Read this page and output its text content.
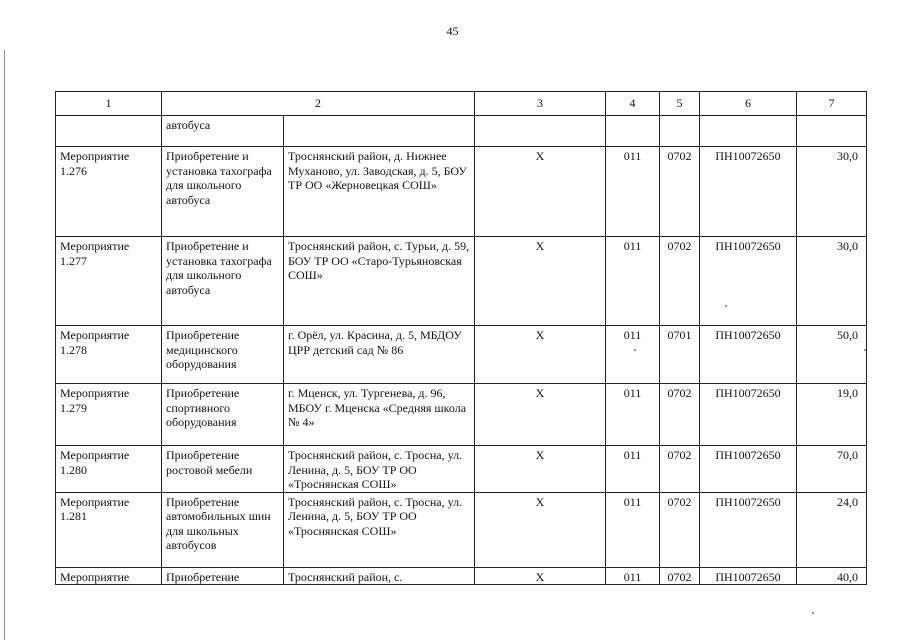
45
1	2		3	4	5	6	7
	автобуса						
Мероприятие 1.276	Приобретение и установка тахографа для школьного автобуса	Троснянский район, д. Нижнее Муханово, ул. Заводская, д. 5, БОУ ТР ОО «Жерновецкая СОШ»	Х	011	0702	ПН10072650	30,0
Мероприятие 1.277	Приобретение и установка тахографа для школьного автобуса	Троснянский район, с. Турьи, д. 59, БОУ ТР ОО «Старо-Турьяновская СОШ»	Х	011	0702	ПН10072650	30,0
Мероприятие 1.278	Приобретение медицинского оборудования	г. Орёл, ул. Красина, д. 5, МБДОУ ЦРР детский сад № 86	Х	011	0701	ПН10072650	50,0
Мероприятие 1.279	Приобретение спортивного оборудования	г. Мценск, ул. Тургенева, д. 96, МБОУ г. Мценска «Средняя школа № 4»	Х	011	0702	ПН10072650	19,0
Мероприятие 1.280	Приобретение ростовой мебели	Троснянский район, с. Тросна, ул. Ленина, д. 5, БОУ ТР ОО «Троснянская СОШ»	Х	011	0702	ПН10072650	70,0
Мероприятие 1.281	Приобретение автомобильных шин для школьных автобусов	Троснянский район, с. Тросна, ул. Ленина, д. 5, БОУ ТР ОО «Троснянская СОШ»	Х	011	0702	ПН10072650	24,0
Мероприятие	Приобретение	Троснянский район, с.	Х	011	0702	ПН10072650	40,0
